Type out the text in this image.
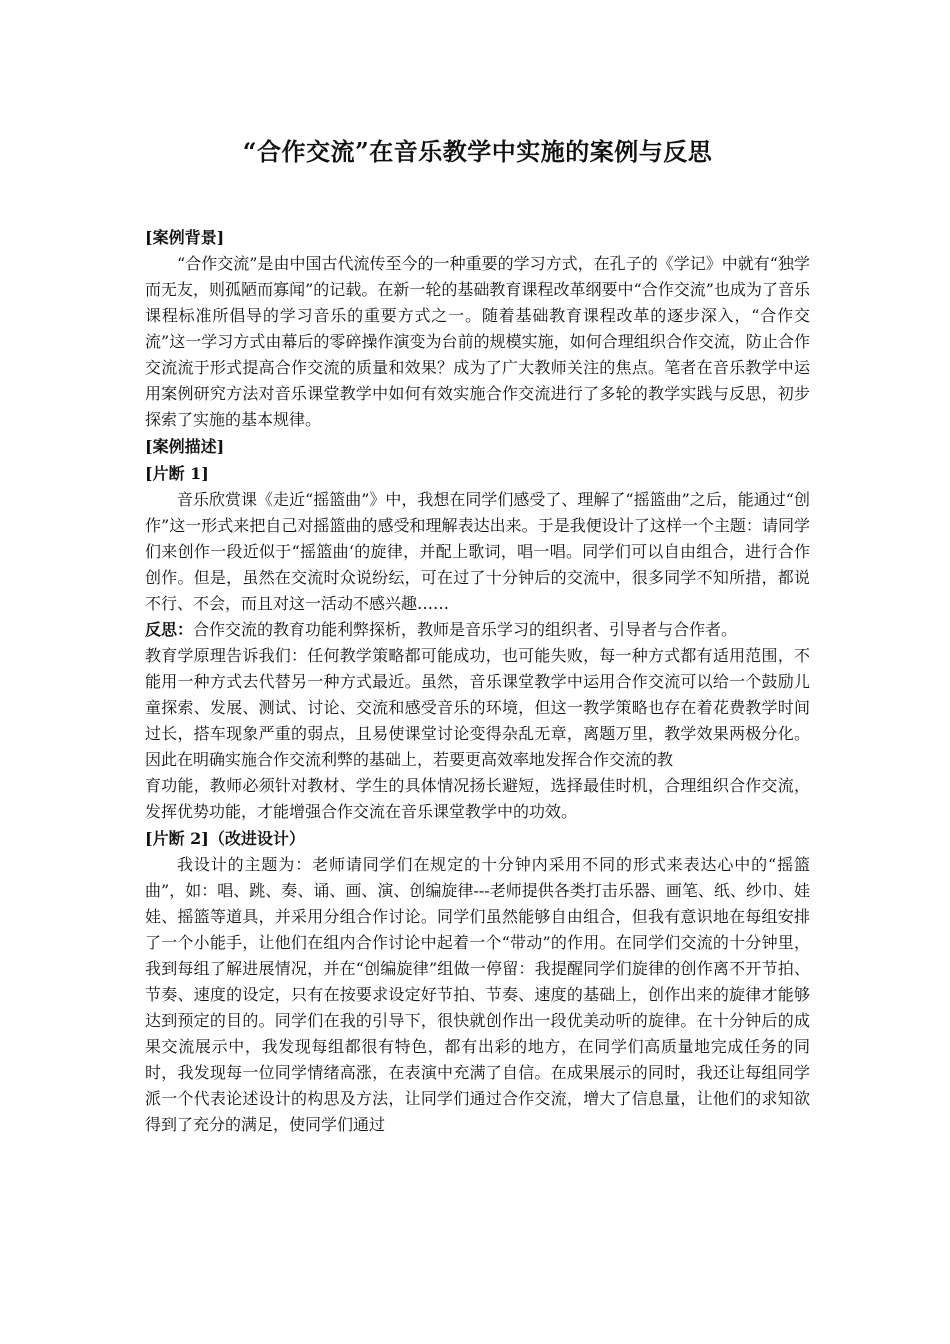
“合作交流”在音乐教学中实施的案例与反思
[案例背景]

“合作交流”是由中国古代流传至今的一种重要的学习方式，在孔子的《学记》中就有“独学而无友，则孤陋而寡闻”的记载。在新一轮的基础教育课程改革纲要中“合作交流”也成为了音乐课程标准所倡导的学习音乐的重要方式之一。随着基础教育课程改革的逐步深入，“合作交流”这一学习方式由幕后的零碎操作演变为台前的规模实施，如何合理组织合作交流，防止合作交流流于形式提高合作交流的质量和效果？成为了广大教师关注的焦点。笔者在音乐教学中运用案例研究方法对音乐课堂教学中如何有效实施合作交流进行了多轮的教学实践与反思，初步探索了实施的基本规律。

[案例描述]
[片断 1]

音乐欣赏课《走近“摇篮曲”》中，我想在同学们感受了、理解了“摇篮曲”之后，能通过“创作”这一形式来把自己对摇篮曲的感受和理解表达出来。于是我便设计了这样一个主题：请同学们来创作一段近似于“摇篮曲‘的旋律，并配上歌词，唱一唱。同学们可以自由组合，进行合作创作。但是，虽然在交流时众说纷纭，可在过了十分钟后的交流中，很多同学不知所措，都说不行、不会，而且对这一活动不感兴趣……

反思：合作交流的教育功能利弊探析，教师是音乐学习的组织者、引导者与合作者。

教育学原理告诉我们：任何教学策略都可能成功，也可能失败，每一种方式都有适用范围，不能用一种方式去代替另一种方式最近。虽然，音乐课堂教学中运用合作交流可以给一个鼓励儿童探索、发展、测试、讨论、交流和感受音乐的环境，但这一教学策略也存在着花费教学时间过长，搭车现象严重的弱点，且易使课堂讨论变得杂乱无章，离题万里，教学效果两极分化。因此在明确实施合作交流利弊的基础上，若要更高效率地发挥合作交流的教

育功能，教师必须针对教材、学生的具体情况扬长避短，选择最佳时机，合理组织合作交流，发挥优势功能，才能增强合作交流在音乐课堂教学中的功效。

[片断 2]（改进设计）

我设计的主题为：老师请同学们在规定的十分钟内采用不同的形式来表达心中的“摇篮曲”，如：唱、跳、奏、诵、画、演、创编旋律---老师提供各类打击乐器、画笔、纸、纱巾、娃娃、摇篮等道具，并采用分组合作讨论。同学们虽然能够自由组合，但我有意识地在每组安排了一个小能手，让他们在组内合作讨论中起着一个“带动”的作用。在同学们交流的十分钟里，我到每组了解进展情况，并在“创编旋律”组做一停留：我提醒同学们旋律的创作离不开节拍、节奏、速度的设定，只有在按要求设定好节拍、节奏、速度的基础上，创作出来的旋律才能够达到预定的目的。同学们在我的引导下，很快就创作出一段优美动听的旋律。在十分钟后的成果交流展示中，我发现每组都很有特色，都有出彩的地方，在同学们高质量地完成任务的同时，我发现每一位同学情绪高涨，在表演中充满了自信。在成果展示的同时，我还让每组同学派一个代表论述设计的构思及方法，让同学们通过合作交流，增大了信息量，让他们的求知欲得到了充分的满足，使同学们通过
